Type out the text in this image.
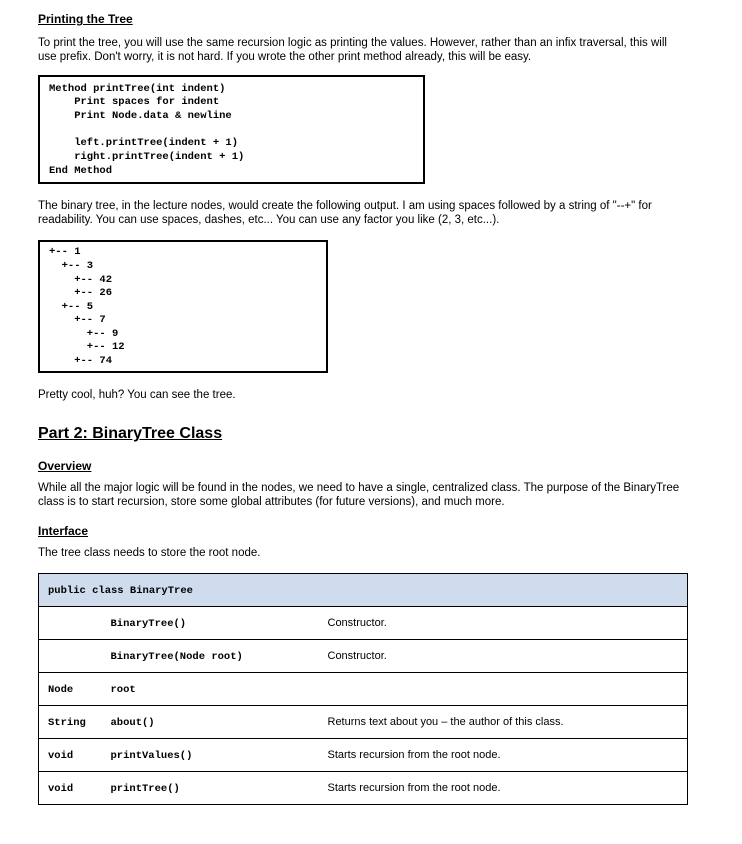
Printing the Tree
To print the tree, you will use the same recursion logic as printing the values. However, rather than an infix traversal, this will
use prefix. Don't worry, it is not hard. If you wrote the other print method already, this will be easy.
Method printTree(int indent)
Print spaces for indent
Print Node.data & newline
left.printTree(indent + 1)
right.printTree(indent + 1)
End Method
The binary tree, in the lecture nodes, would create the following output. I am using spaces followed by a string of "--+" for
readability. You can use spaces, dashes, etc... You can use any factor you like (2, 3, etc...).
+-- 1
+-- 3
+-- 42
+-- 26
+-- 5
+-- 7
+-- 9
+-- 12
+-- 74
Pretty cool, huh? You can see the tree.
Part 2: BinaryTree Class
Overview
While all the major logic will be found in the nodes, we need to have a single, centralized class. The purpose of the BinaryTree
class is to start recursion, store some global attributes (for future versions), and much more.
Interface
The tree class needs to store the root node.
public class BinaryTree		
	BinaryTree()	Constructor.
	BinaryTree(Node root)	Constructor.
Node	root	
String	about()	Returns text about you – the author of this class.
void	printValues()	Starts recursion from the root node.
void	printTree()	Starts recursion from the root node.
